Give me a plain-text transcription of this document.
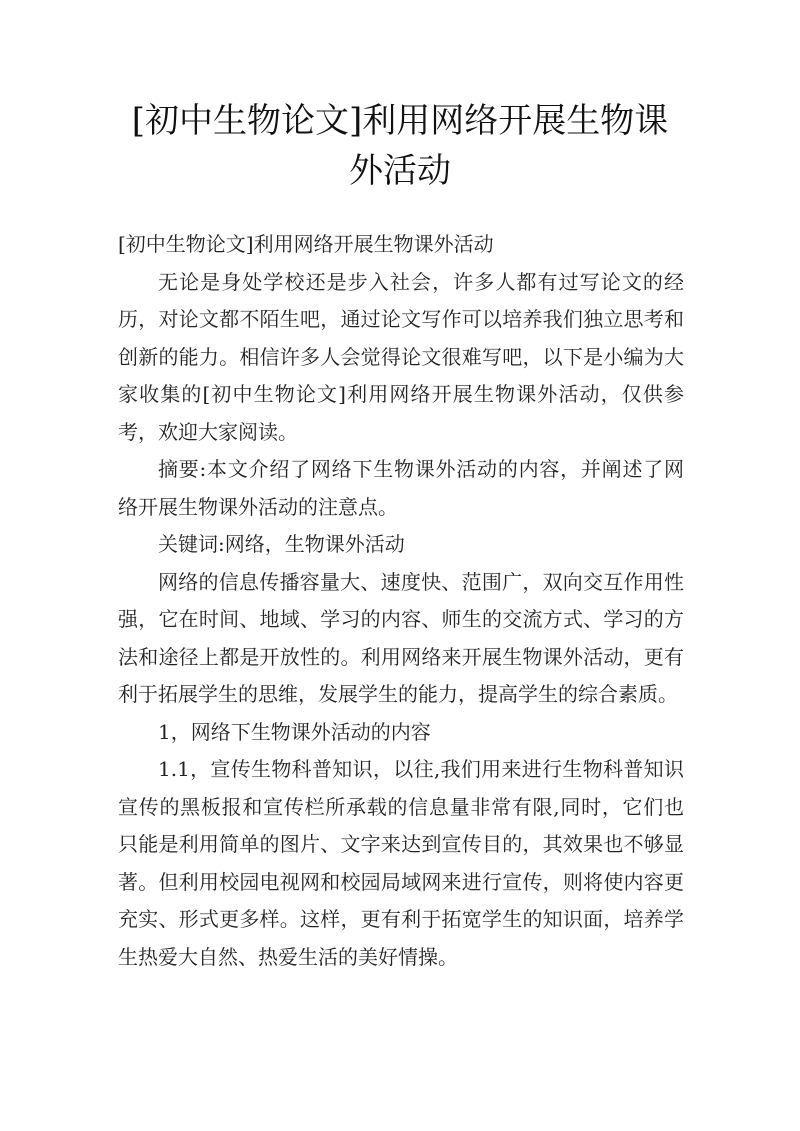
[初中生物论文]利用网络开展生物课外活动

[初中生物论文]利用网络开展生物课外活动

无论是身处学校还是步入社会，许多人都有过写论文的经历，对论文都不陌生吧，通过论文写作可以培养我们独立思考和创新的能力。相信许多人会觉得论文很难写吧，以下是小编为大家收集的[初中生物论文]利用网络开展生物课外活动，仅供参考，欢迎大家阅读。

摘要:本文介绍了网络下生物课外活动的内容，并阐述了网络开展生物课外活动的注意点。

关键词:网络，生物课外活动

网络的信息传播容量大、速度快、范围广，双向交互作用性强，它在时间、地域、学习的内容、师生的交流方式、学习的方法和途径上都是开放性的。利用网络来开展生物课外活动，更有利于拓展学生的思维，发展学生的能力，提高学生的综合素质。

1，网络下生物课外活动的内容

1.1，宣传生物科普知识，以往,我们用来进行生物科普知识宣传的黑板报和宣传栏所承载的信息量非常有限,同时，它们也只能是利用简单的图片、文字来达到宣传目的，其效果也不够显著。但利用校园电视网和校园局域网来进行宣传，则将使内容更充实、形式更多样。这样，更有利于拓宽学生的知识面，培养学生热爱大自然、热爱生活的美好情操。
